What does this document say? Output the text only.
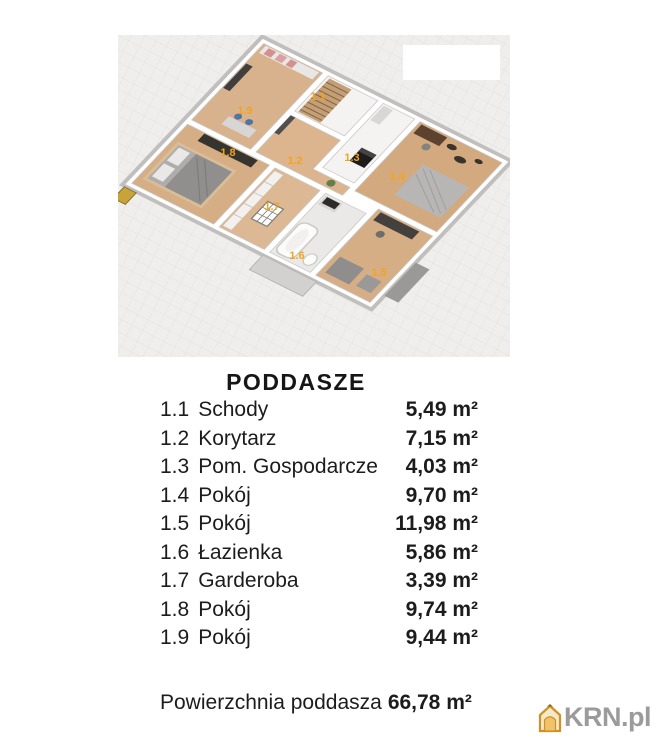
1.1
1.2	1.3
1.4
1.5
1.6
1.7
1.8
1.9
PODDASZE
1.1 Schody	5,49 m²
1.2 Korytarz	7,15 m²
1.3 Pom. Gospodarcze 4,03 m²
1.4 Pokój	9,70 m²
1.5 Pokój	11,98 m²
1.6 Łazienka	5,86 m²
1.7 Garderoba	3,39 m²
1.8 Pokój	9,74 m²
1.9 Pokój	9,44 m²
Powierzchnia poddasza 66,78 m²	KRN.pl
